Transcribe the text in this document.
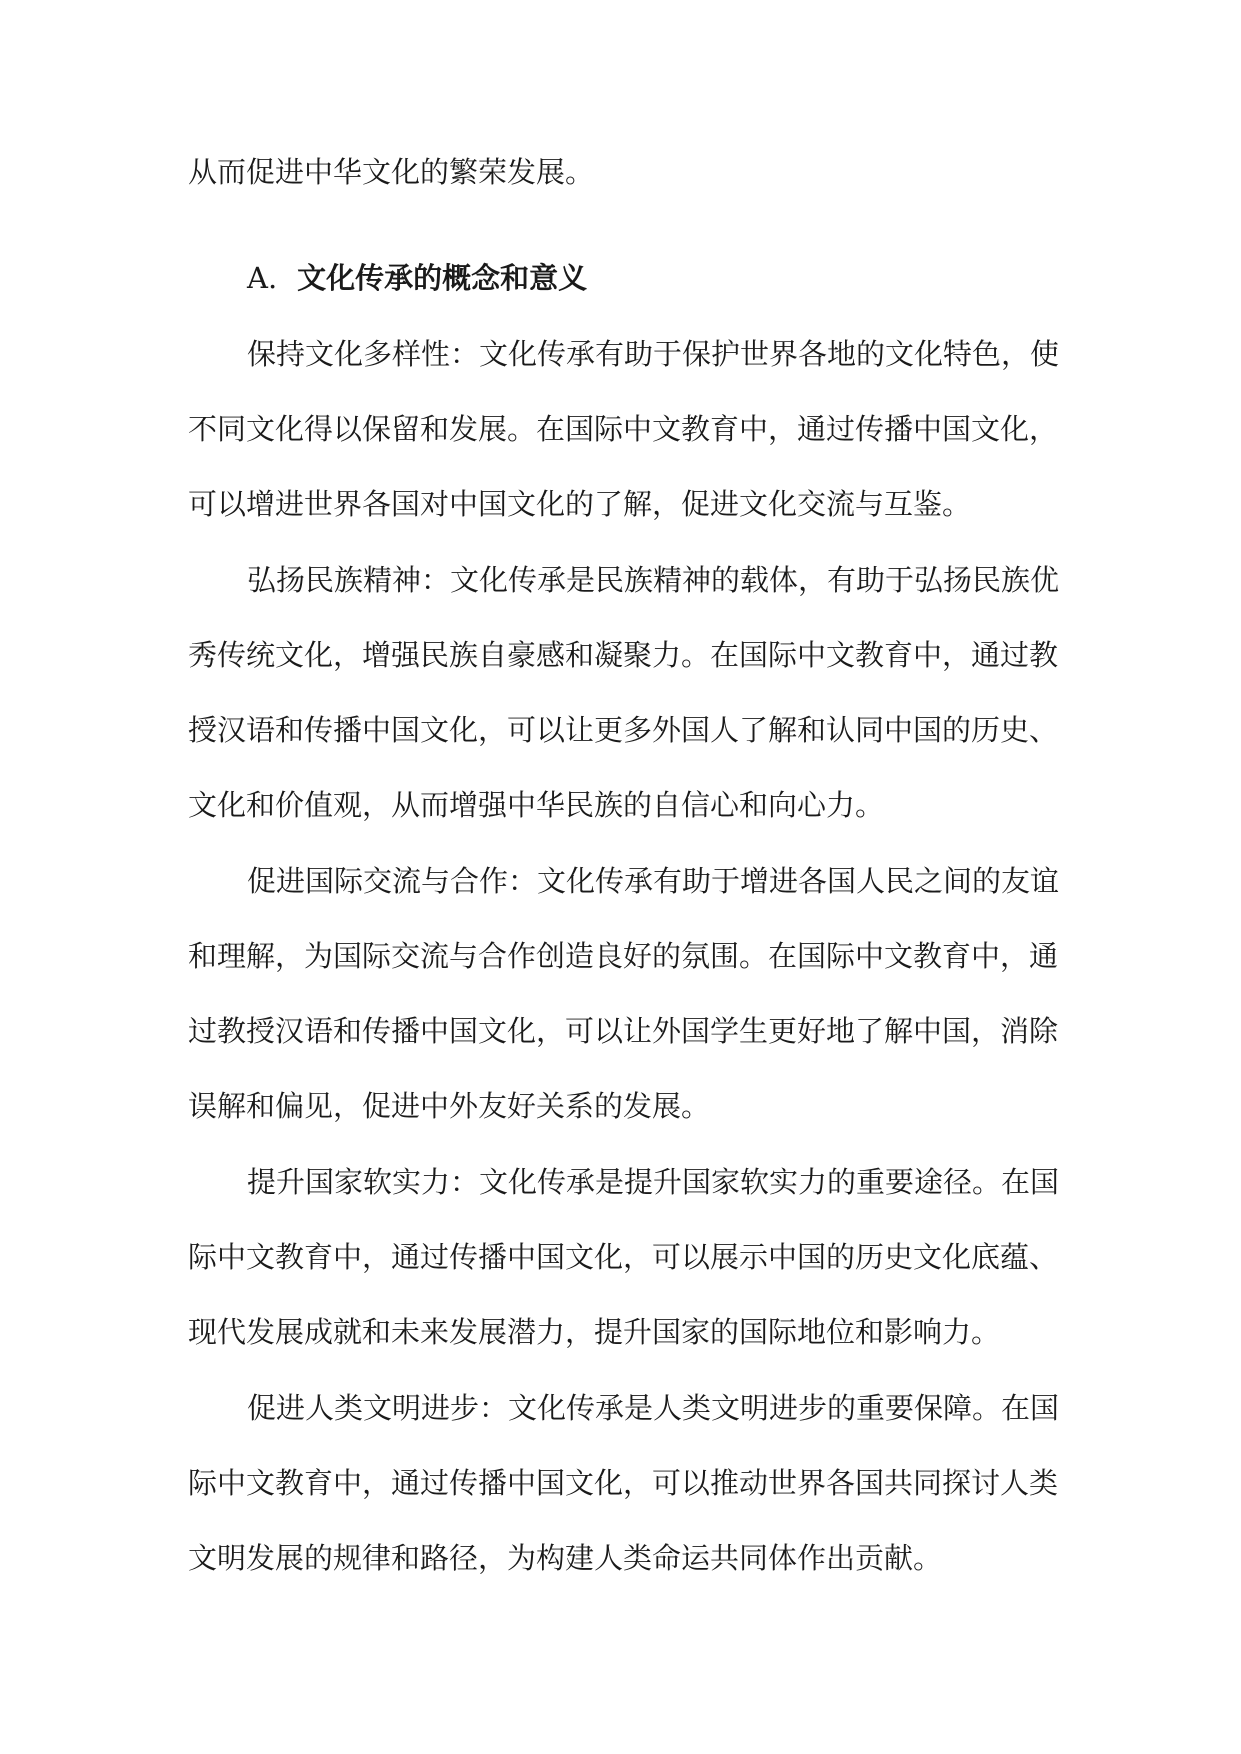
从而促进中华文化的繁荣发展。
A. 文化传承的概念和意义
保持文化多样性：文化传承有助于保护世界各地的文化特色，使
不同文化得以保留和发展。在国际中文教育中，通过传播中国文化，
可以增进世界各国对中国文化的了解，促进文化交流与互鉴。
弘扬民族精神：文化传承是民族精神的载体，有助于弘扬民族优
秀传统文化，增强民族自豪感和凝聚力。在国际中文教育中，通过教
授汉语和传播中国文化，可以让更多外国人了解和认同中国的历史、
文化和价值观，从而增强中华民族的自信心和向心力。
促进国际交流与合作：文化传承有助于增进各国人民之间的友谊
和理解，为国际交流与合作创造良好的氛围。在国际中文教育中，通
过教授汉语和传播中国文化，可以让外国学生更好地了解中国，消除
误解和偏见，促进中外友好关系的发展。
提升国家软实力：文化传承是提升国家软实力的重要途径。在国
际中文教育中，通过传播中国文化，可以展示中国的历史文化底蕴、
现代发展成就和未来发展潜力，提升国家的国际地位和影响力。
促进人类文明进步：文化传承是人类文明进步的重要保障。在国
际中文教育中，通过传播中国文化，可以推动世界各国共同探讨人类
文明发展的规律和路径，为构建人类命运共同体作出贡献。
